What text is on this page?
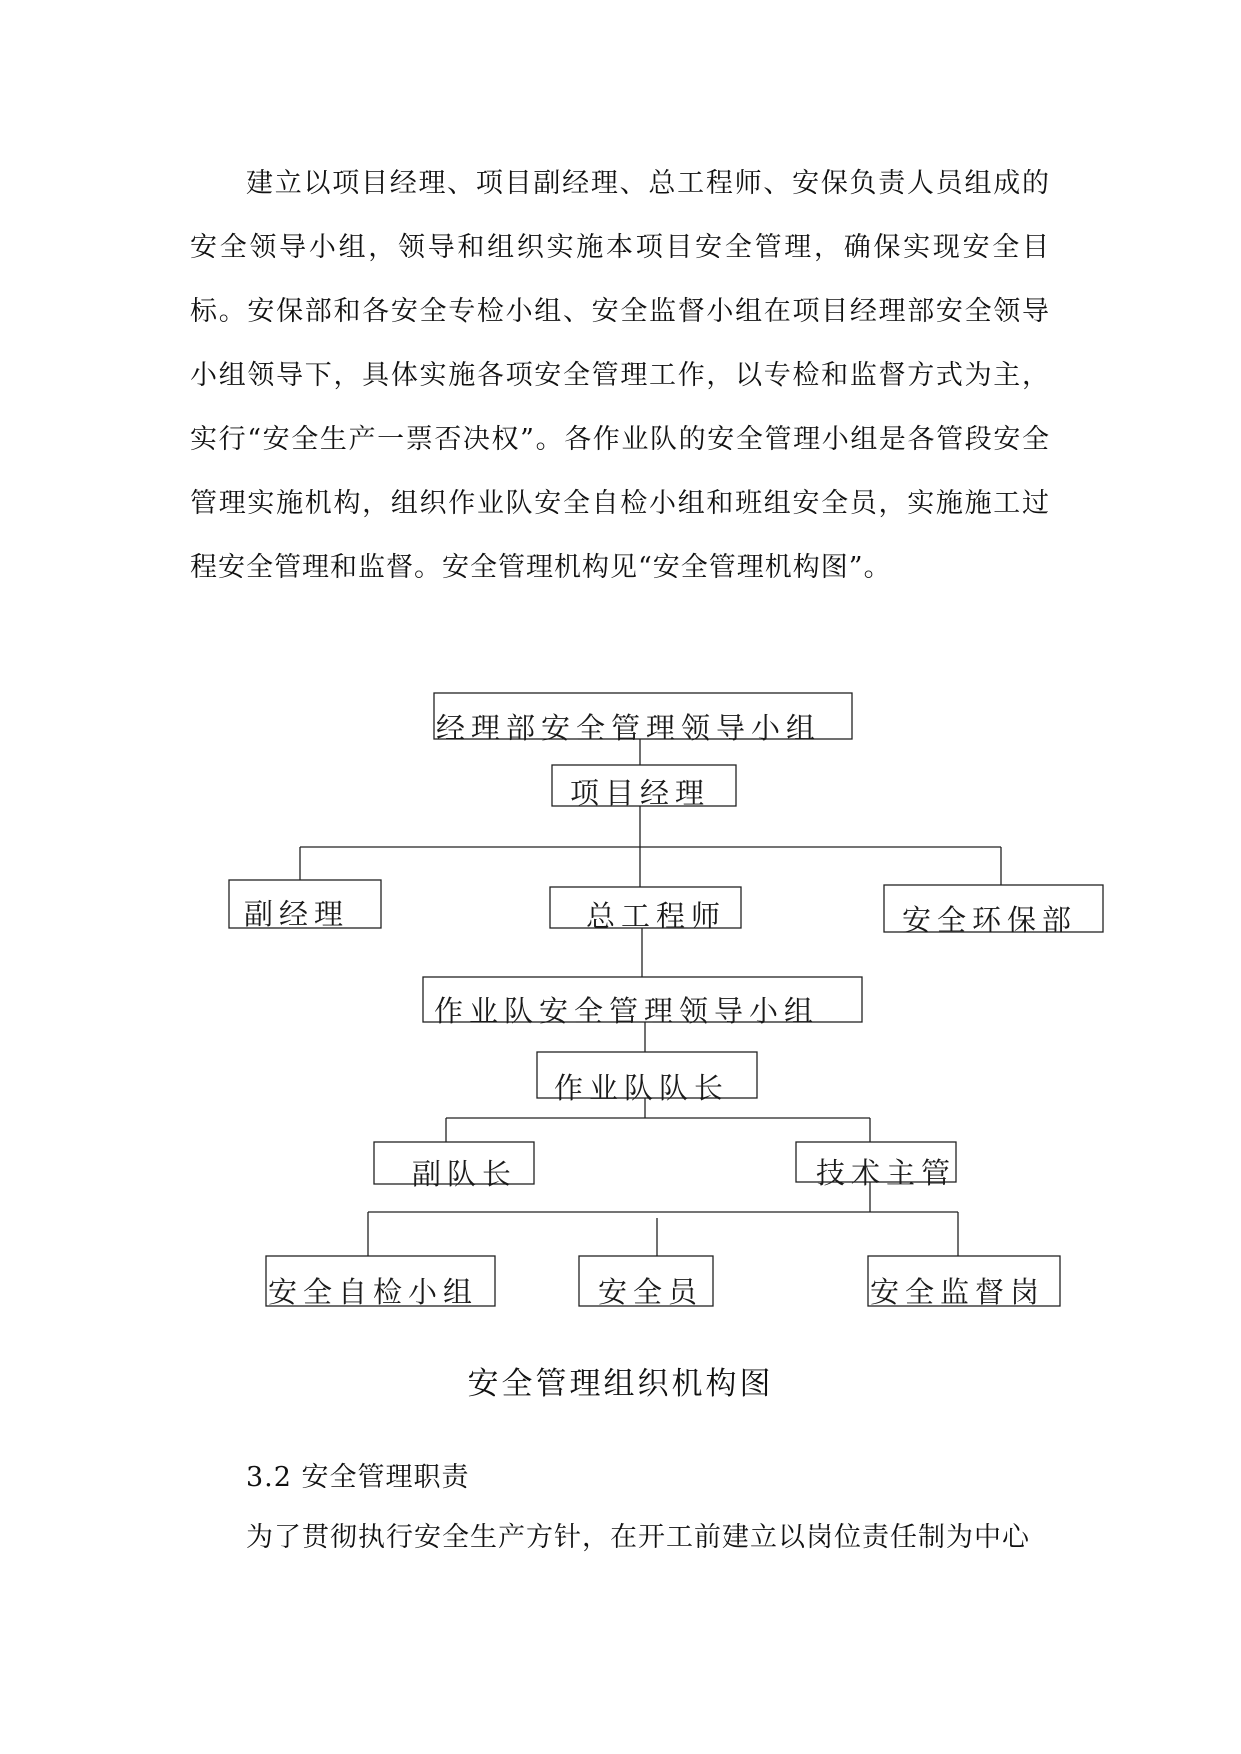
建立以项目经理、项目副经理、总工程师、安保负责人员组成的安全领导小组，领导和组织实施本项目安全管理，确保实现安全目标。安保部和各安全专检小组、安全监督小组在项目经理部安全领导小组领导下，具体实施各项安全管理工作，以专检和监督方式为主，实行“安全生产一票否决权”。各作业队的安全管理小组是各管段安全管理实施机构，组织作业队安全自检小组和班组安全员，实施施工过程安全管理和监督。安全管理机构见“安全管理机构图”。

经理部安全管理领导小组
项目经理
副经理	总工程师	安全环保部
作业队安全管理领导小组
作业队队长
副队长	技术主管
安全自检小组	安全员	安全监督岗
安全管理组织机构图
3.2 安全管理职责

为了贯彻执行安全生产方针，在开工前建立以岗位责任制为中心
